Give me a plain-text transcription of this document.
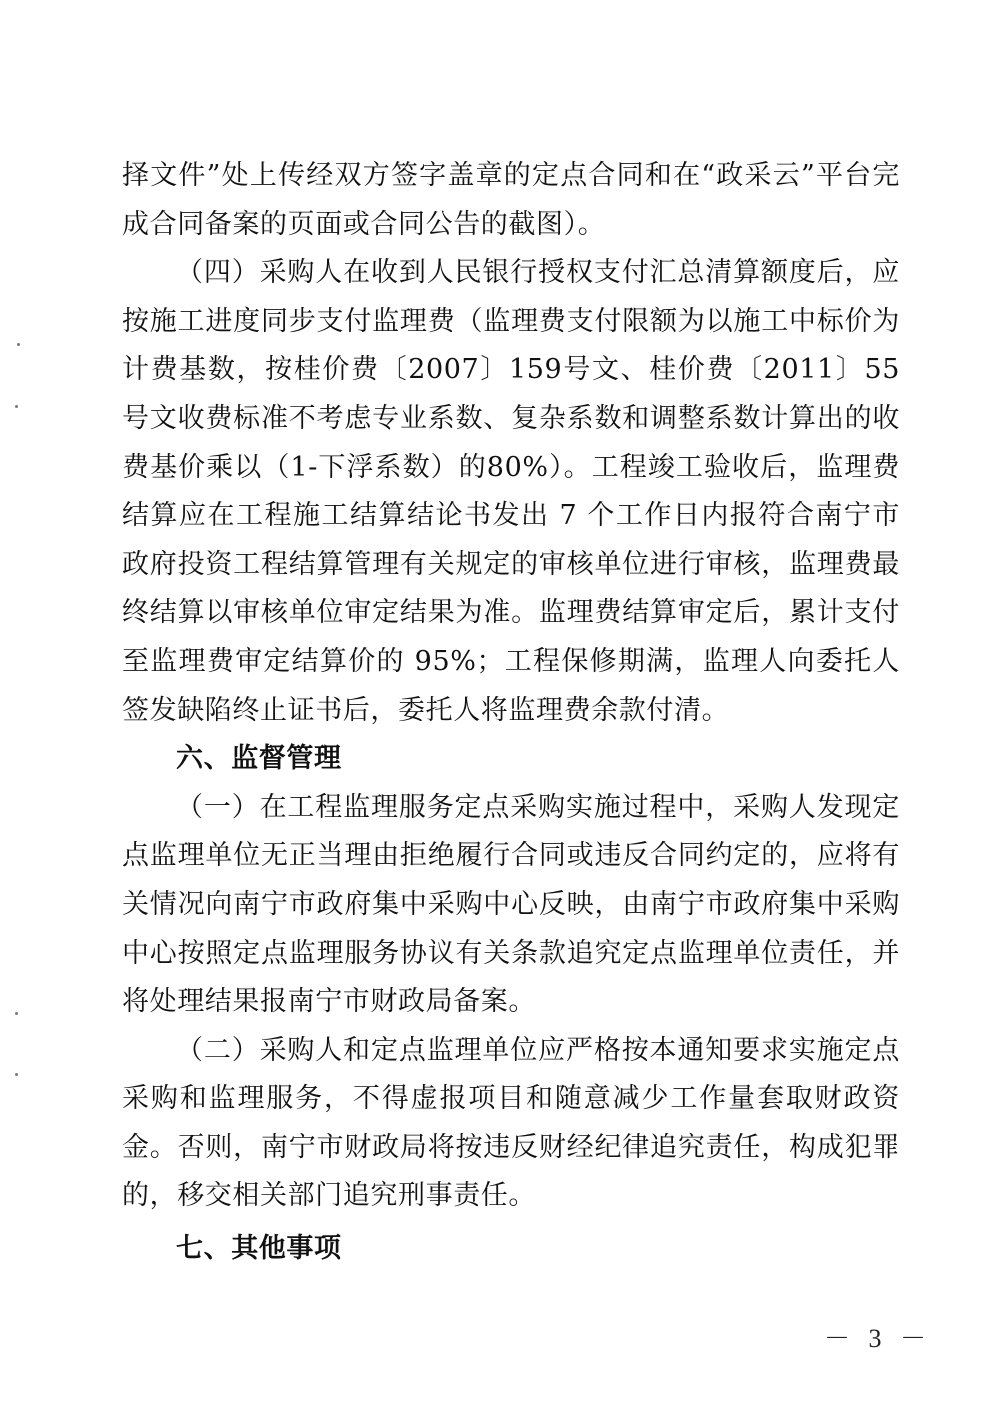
择文件”处上传经双方签字盖章的定点合同和在“政采云”平台完成合同备案的页面或合同公告的截图）。

（四）采购人在收到人民银行授权支付汇总清算额度后，应按施工进度同步支付监理费（监理费支付限额为以施工中标价为计费基数，按桂价费〔2007〕159号文、桂价费〔2011〕55号文收费标准不考虑专业系数、复杂系数和调整系数计算出的收费基价乘以（1-下浮系数）的80%）。工程竣工验收后，监理费结算应在工程施工结算结论书发出 7 个工作日内报符合南宁市政府投资工程结算管理有关规定的审核单位进行审核，监理费最终结算以审核单位审定结果为准。监理费结算审定后，累计支付至监理费审定结算价的 95%；工程保修期满，监理人向委托人签发缺陷终止证书后，委托人将监理费余款付清。

六、监督管理

（一）在工程监理服务定点采购实施过程中，采购人发现定点监理单位无正当理由拒绝履行合同或违反合同约定的，应将有关情况向南宁市政府集中采购中心反映，由南宁市政府集中采购中心按照定点监理服务协议有关条款追究定点监理单位责任，并将处理结果报南宁市财政局备案。

（二）采购人和定点监理单位应严格按本通知要求实施定点采购和监理服务，不得虚报项目和随意减少工作量套取财政资金。否则，南宁市财政局将按违反财经纪律追究责任，构成犯罪的，移交相关部门追究刑事责任。

七、其他事项

－ 3 －
